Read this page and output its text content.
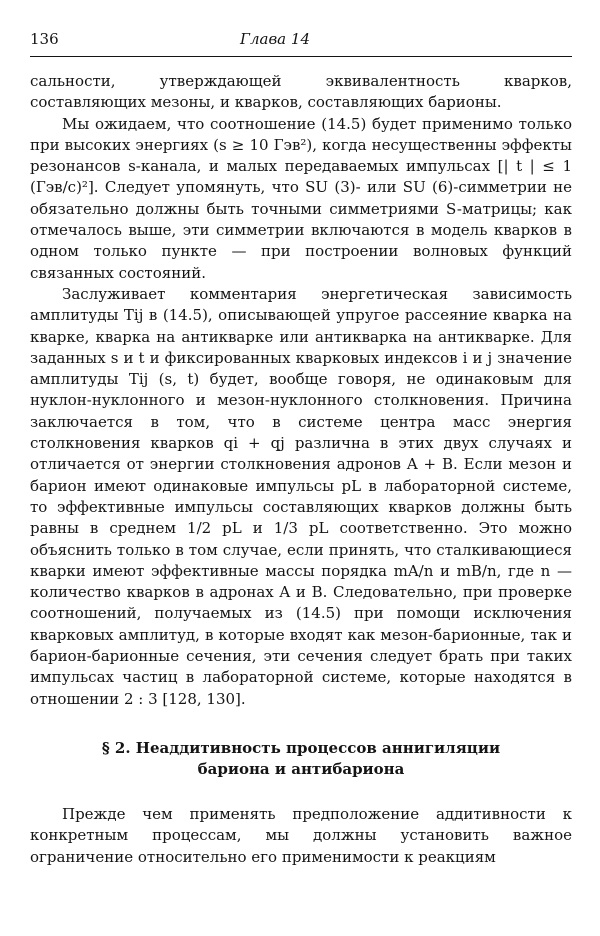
136	Глава 14

сальности, утверждающей эквивалентность кварков, составляющих мезоны, и кварков, составляющих барионы.

Мы ожидаем, что соотношение (14.5) будет применимо только при высоких энергиях (s ≥ 10 Гэв²), когда несущественны эффекты резонансов s-канала, и малых передаваемых импульсах [| t | ≤ 1 (Гэв/с)²]. Следует упомянуть, что SU (3)- или SU (6)-симметрии не обязательно должны быть точными симметриями S-матрицы; как отмечалось выше, эти симметрии включаются в модель кварков в одном только пункте — при построении волновых функций связанных состояний.

Заслуживает комментария энергетическая зависимость амплитуды Tij в (14.5), описывающей упругое рассеяние кварка на кварке, кварка на антикварке или антикварка на антикварке. Для заданных s и t и фиксированных кварковых индексов i и j значение амплитуды Tij (s, t) будет, вообще говоря, не одинаковым для нуклон-нуклонного и мезон-нуклонного столкновения. Причина заключается в том, что в системе центра масс энергия столкновения кварков qi + qj различна в этих двух случаях и отличается от энергии столкновения адронов A + B. Если мезон и барион имеют одинаковые импульсы pL в лабораторной системе, то эффективные импульсы составляющих кварков должны быть равны в среднем 1/2 pL и 1/3 pL соответственно. Это можно объяснить только в том случае, если принять, что сталкивающиеся кварки имеют эффективные массы порядка mA/n и mB/n, где n — количество кварков в адронах A и B. Следовательно, при проверке соотношений, получаемых из (14.5) при помощи исключения кварковых амплитуд, в которые входят как мезон-барионные, так и барион-барионные сечения, эти сечения следует брать при таких импульсах частиц в лабораторной системе, которые находятся в отношении 2 : 3 [128, 130].

§ 2. Неаддитивность процессов аннигиляции
бариона и антибариона

Прежде чем применять предположение аддитивности к конкретным процессам, мы должны установить важное ограничение относительно его применимости к реакциям
